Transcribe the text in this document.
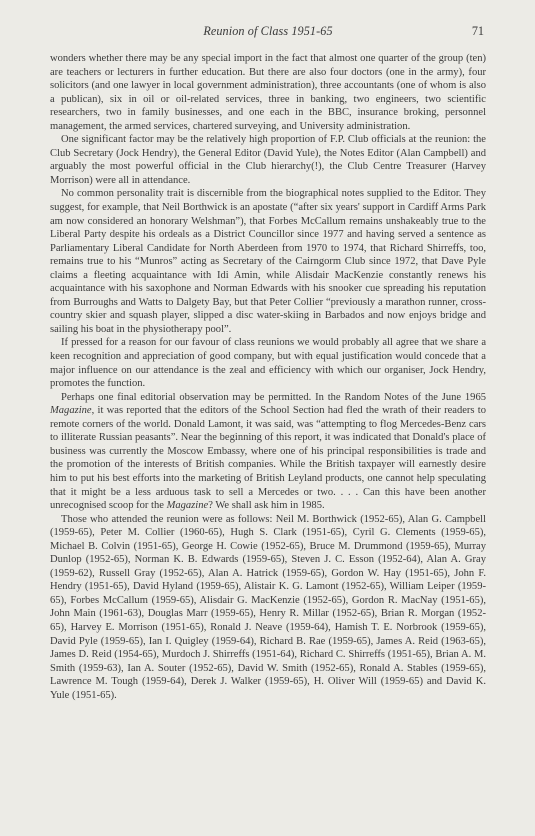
Reunion of Class 1951-65	71

wonders whether there may be any special import in the fact that almost one quarter of the group (ten) are teachers or lecturers in further education. But there are also four doctors (one in the army), four solicitors (and one lawyer in local government administration), three accountants (one of whom is also a publican), six in oil or oil-related services, three in banking, two engineers, two scientific researchers, two in family businesses, and one each in the BBC, insurance broking, personnel management, the armed services, chartered surveying, and University administration.

One significant factor may be the relatively high proportion of F.P. Club officials at the reunion: the Club Secretary (Jock Hendry), the General Editor (David Yule), the Notes Editor (Alan Campbell) and arguably the most powerful official in the Club hierarchy(!), the Club Centre Treasurer (Harvey Morrison) were all in attendance.

No common personality trait is discernible from the biographical notes supplied to the Editor. They suggest, for example, that Neil Borthwick is an apostate (“after six years' support in Cardiff Arms Park am now considered an honorary Welshman”), that Forbes McCallum remains unshakeably true to the Liberal Party despite his ordeals as a District Councillor since 1977 and having served a sentence as Parliamentary Liberal Candidate for North Aberdeen from 1970 to 1974, that Richard Shirreffs, too, remains true to his “Munros” acting as Secretary of the Cairngorm Club since 1972, that Dave Pyle claims a fleeting acquaintance with Idi Amin, while Alisdair MacKenzie constantly renews his acquaintance with his saxophone and Norman Edwards with his snooker cue spreading his reputation from Burroughs and Watts to Dalgety Bay, but that Peter Collier “previously a marathon runner, cross-country skier and squash player, slipped a disc water-skiing in Barbados and now enjoys bridge and sailing his boat in the physiotherapy pool”.

If pressed for a reason for our favour of class reunions we would probably all agree that we share a keen recognition and appreciation of good company, but with equal justification would concede that a major influence on our attendance is the zeal and efficiency with which our organiser, Jock Hendry, promotes the function.

Perhaps one final editorial observation may be permitted. In the Random Notes of the June 1965 Magazine, it was reported that the editors of the School Section had fled the wrath of their readers to remote corners of the world. Donald Lamont, it was said, was “attempting to flog Mercedes-Benz cars to illiterate Russian peasants”. Near the beginning of this report, it was indicated that Donald's place of business was currently the Moscow Embassy, where one of his principal responsibilities is trade and the promotion of the interests of British companies. While the British taxpayer will earnestly desire him to put his best efforts into the marketing of British Leyland products, one cannot help speculating that it might be a less arduous task to sell a Mercedes or two. . . . Can this have been another unrecognised scoop for the Magazine? We shall ask him in 1985.

Those who attended the reunion were as follows: Neil M. Borthwick (1952-65), Alan G. Campbell (1959-65), Peter M. Collier (1960-65), Hugh S. Clark (1951-65), Cyril G. Clements (1959-65), Michael B. Colvin (1951-65), George H. Cowie (1952-65), Bruce M. Drummond (1959-65), Murray Dunlop (1952-65), Norman K. B. Edwards (1959-65), Steven J. C. Esson (1952-64), Alan A. Gray (1959-62), Russell Gray (1952-65), Alan A. Hatrick (1959-65), Gordon W. Hay (1951-65), John F. Hendry (1951-65), David Hyland (1959-65), Alistair K. G. Lamont (1952-65), William Leiper (1959-65), Forbes McCallum (1959-65), Alisdair G. MacKenzie (1952-65), Gordon R. MacNay (1951-65), John Main (1961-63), Douglas Marr (1959-65), Henry R. Millar (1952-65), Brian R. Morgan (1952-65), Harvey E. Morrison (1951-65), Ronald J. Neave (1959-64), Hamish T. E. Norbrook (1959-65), David Pyle (1959-65), Ian I. Quigley (1959-64), Richard B. Rae (1959-65), James A. Reid (1963-65), James D. Reid (1954-65), Murdoch J. Shirreffs (1951-64), Richard C. Shirreffs (1951-65), Brian A. M. Smith (1959-63), Ian A. Souter (1952-65), David W. Smith (1952-65), Ronald A. Stables (1959-65), Lawrence M. Tough (1959-64), Derek J. Walker (1959-65), H. Oliver Will (1959-65) and David K. Yule (1951-65).
